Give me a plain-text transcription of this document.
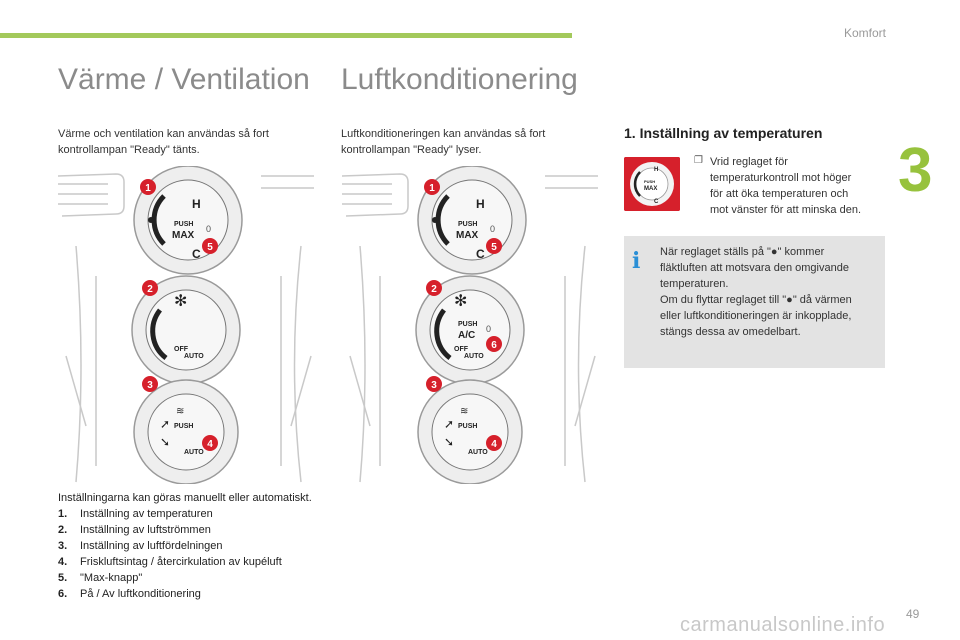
Komfort
3
Värme / Ventilation
Värme och ventilation kan användas så fort
kontrollampan "Ready" tänts.
Luftkonditionering
Luftkonditioneringen kan användas så fort
kontrollampan "Ready" lyser.
H
PUSH
MAX
0
C
✻
OFF
AUTO
➚
➘
≋
PUSH
AUTO
1
5
2
3
4
H
PUSH
MAX
0
C
✻
PUSH
A/C
0
OFF
AUTO
➚
➘
≋
PUSH
AUTO
1
5
2
6
3
4
1. Inställning av temperaturen
H
PUSH
MAX
C
❐ Vrid reglaget för
temperaturkontroll mot höger
för att öka temperaturen och
mot vänster för att minska den.
i När reglaget ställs på "●" kommer
fläktluften att motsvara den omgivande
temperaturen.
Om du flyttar reglaget till "●" då värmen
eller luftkonditioneringen är inkopplade,
stängs dessa av omedelbart.
Inställningarna kan göras manuellt eller automatiskt.
1.	Inställning av temperaturen
2.	Inställning av luftströmmen
3.	Inställning av luftfördelningen
4.	Friskluftsintag / återcirkulation av kupéluft
5.	"Max-knapp"
6.	På / Av luftkonditionering
carmanualsonline.info 49
